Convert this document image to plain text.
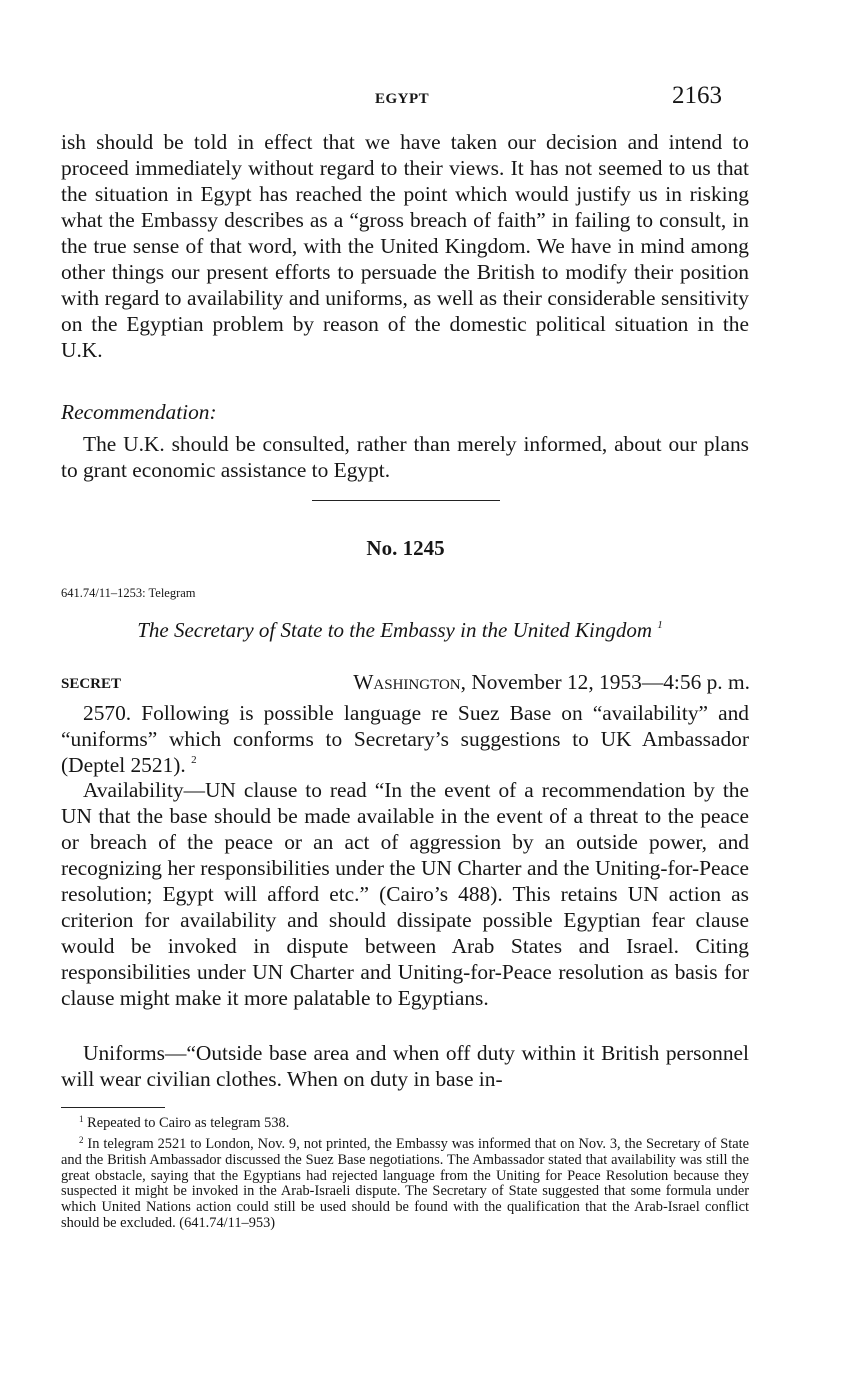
EGYPT	2163

ish should be told in effect that we have taken our decision and intend to proceed immediately without regard to their views. It has not seemed to us that the situation in Egypt has reached the point which would justify us in risking what the Embassy describes as a “gross breach of faith” in failing to consult, in the true sense of that word, with the United Kingdom. We have in mind among other things our present efforts to persuade the British to modify their position with regard to availability and uniforms, as well as their considerable sensitivity on the Egyptian problem by reason of the domestic political situation in the U.K.

Recommendation:

The U.K. should be consulted, rather than merely informed, about our plans to grant economic assistance to Egypt.

No. 1245
641.74/11–1253: Telegram
The Secretary of State to the Embassy in the United Kingdom $^1$
SECRET	Washington, November 12, 1953—4:56 p. m.

2570. Following is possible language re Suez Base on “availability” and “uniforms” which conforms to Secretary’s suggestions to UK Ambassador (Deptel 2521). $^2$

Availability—UN clause to read “In the event of a recommendation by the UN that the base should be made available in the event of a threat to the peace or breach of the peace or an act of aggression by an outside power, and recognizing her responsibilities under the UN Charter and the Uniting-for-Peace resolution; Egypt will afford etc.” (Cairo’s 488). This retains UN action as criterion for availability and should dissipate possible Egyptian fear clause would be invoked in dispute between Arab States and Israel. Citing responsibilities under UN Charter and Uniting-for-Peace resolution as basis for clause might make it more palatable to Egyptians.

Uniforms—“Outside base area and when off duty within it British personnel will wear civilian clothes. When on duty in base in-

$^1$ Repeated to Cairo as telegram 538.

$^2$ In telegram 2521 to London, Nov. 9, not printed, the Embassy was informed that on Nov. 3, the Secretary of State and the British Ambassador discussed the Suez Base negotiations. The Ambassador stated that availability was still the great obstacle, saying that the Egyptians had rejected language from the Uniting for Peace Resolution because they suspected it might be invoked in the Arab-Israeli dispute. The Secretary of State suggested that some formula under which United Nations action could still be used should be found with the qualification that the Arab-Israel conflict should be excluded. (641.74/11–953)
